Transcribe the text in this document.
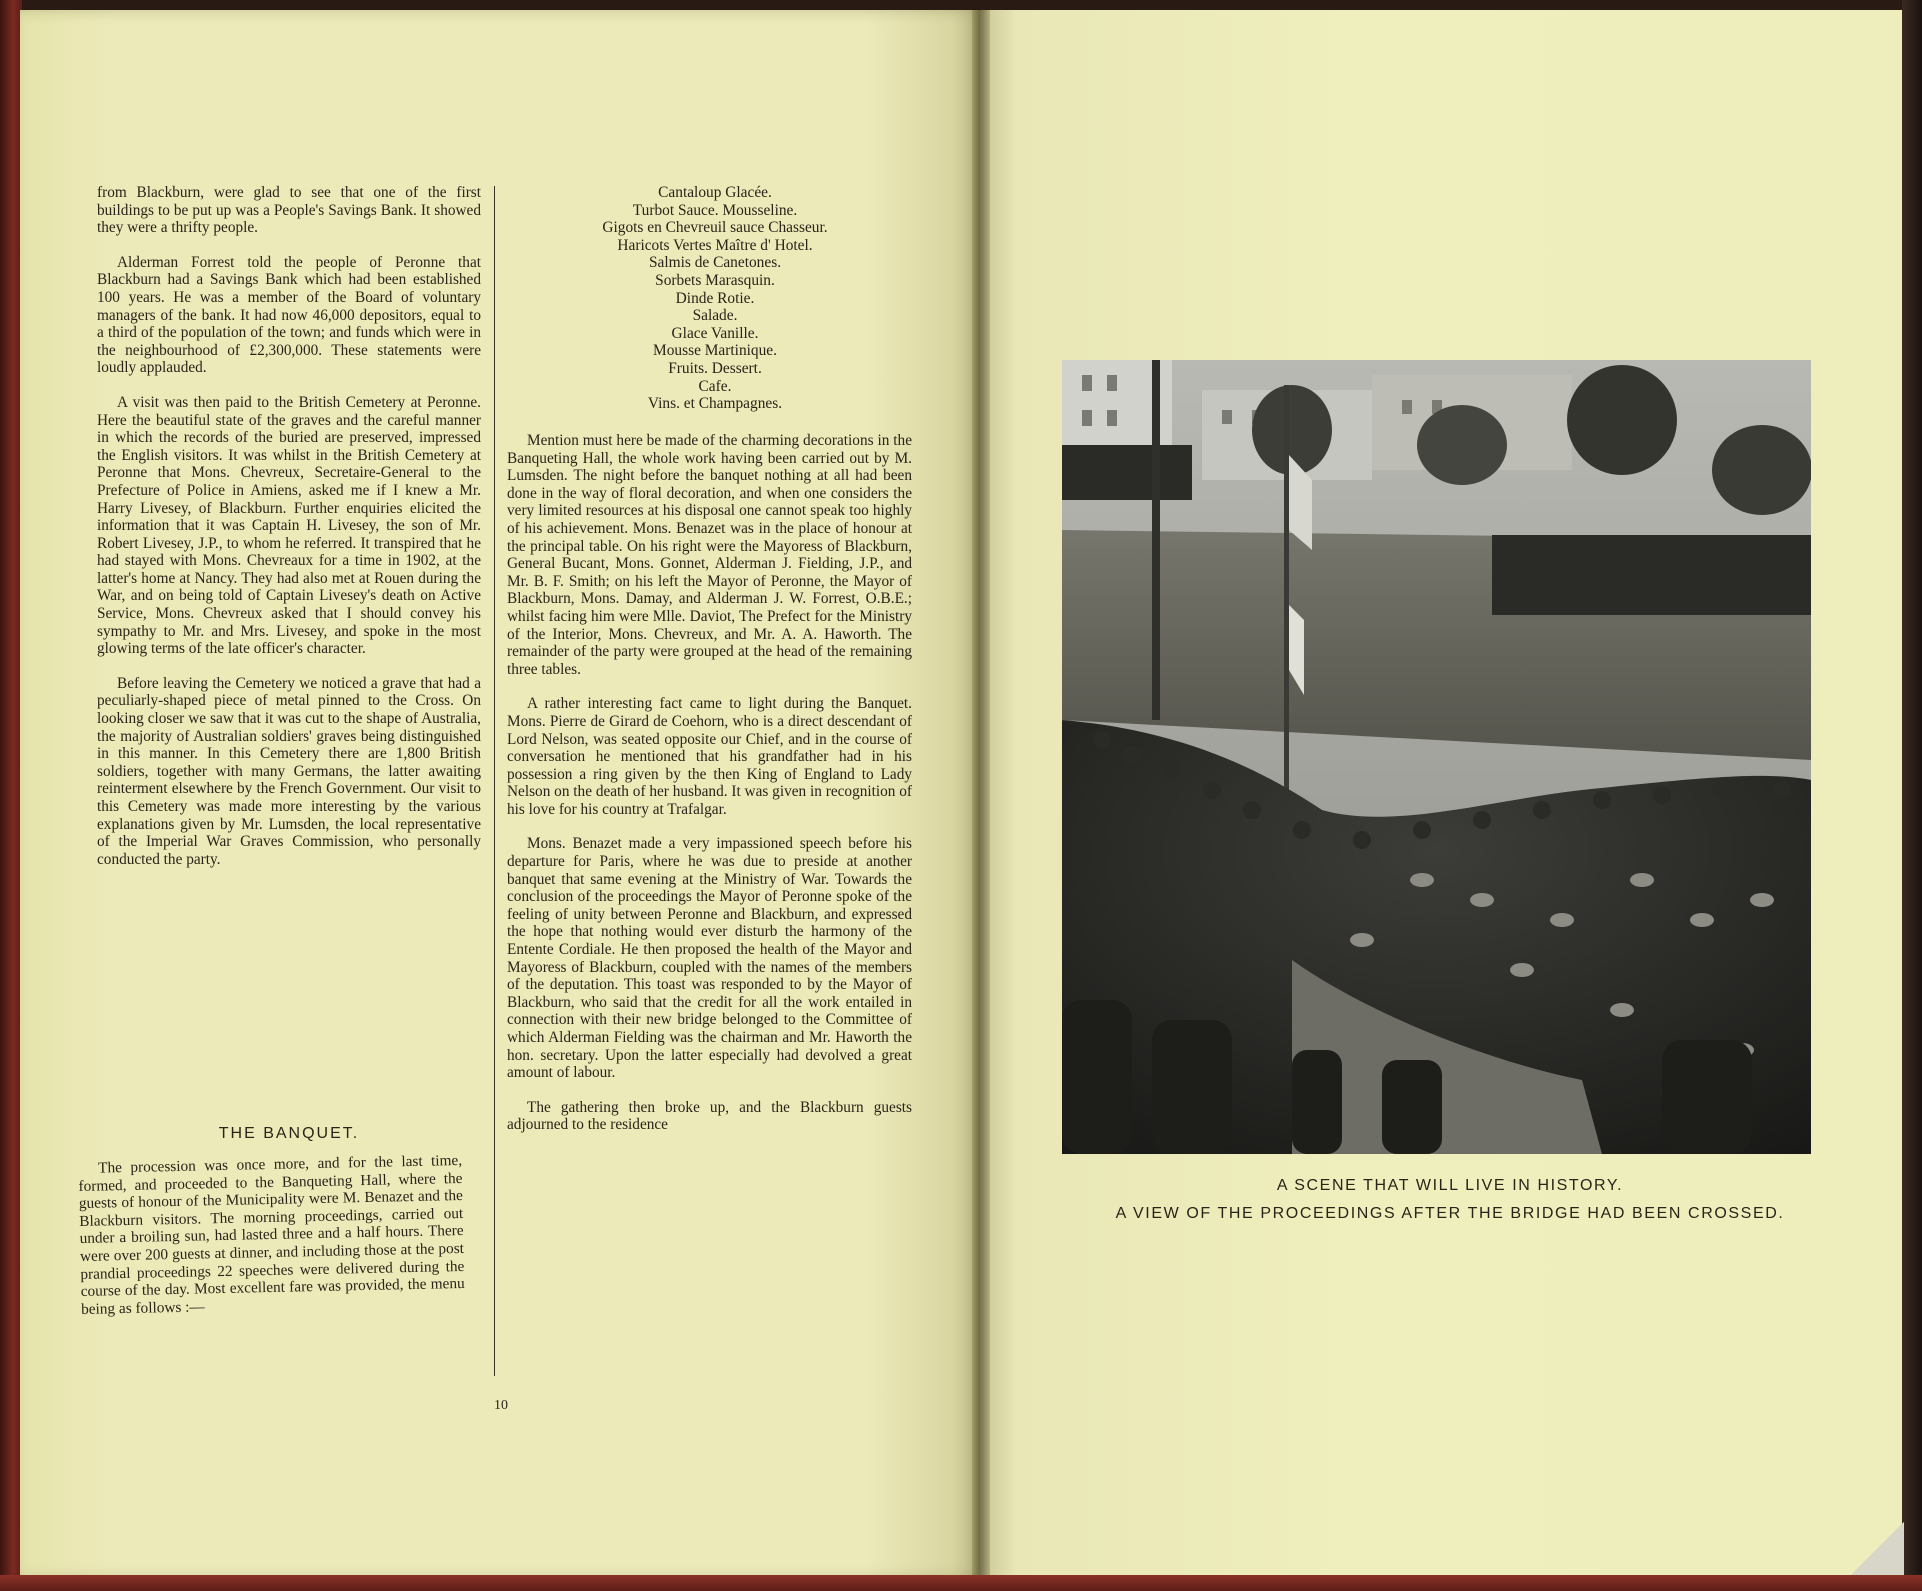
from Blackburn, were glad to see that one of the first buildings to be put up was a People's Savings Bank. It showed they were a thrifty people.

Alderman Forrest told the people of Peronne that Blackburn had a Savings Bank which had been established 100 years. He was a member of the Board of voluntary managers of the bank. It had now 46,000 depositors, equal to a third of the population of the town; and funds which were in the neighbourhood of £2,300,000. These statements were loudly applauded.

A visit was then paid to the British Cemetery at Peronne. Here the beautiful state of the graves and the careful manner in which the records of the buried are preserved, impressed the English visitors. It was whilst in the British Cemetery at Peronne that Mons. Chevreux, Secretaire-General to the Prefecture of Police in Amiens, asked me if I knew a Mr. Harry Livesey, of Blackburn. Further enquiries elicited the information that it was Captain H. Livesey, the son of Mr. Robert Livesey, J.P., to whom he referred. It transpired that he had stayed with Mons. Chevreaux for a time in 1902, at the latter's home at Nancy. They had also met at Rouen during the War, and on being told of Captain Livesey's death on Active Service, Mons. Chevreux asked that I should convey his sympathy to Mr. and Mrs. Livesey, and spoke in the most glowing terms of the late officer's character.

Before leaving the Cemetery we noticed a grave that had a peculiarly-shaped piece of metal pinned to the Cross. On looking closer we saw that it was cut to the shape of Australia, the majority of Australian soldiers' graves being distinguished in this manner. In this Cemetery there are 1,800 British soldiers, together with many Germans, the latter awaiting reinterment elsewhere by the French Government. Our visit to this Cemetery was made more interesting by the various explanations given by Mr. Lumsden, the local representative of the Imperial War Graves Commission, who personally conducted the party.

THE BANQUET.

The procession was once more, and for the last time, formed, and proceeded to the Banqueting Hall, where the guests of honour of the Municipality were M. Benazet and the Blackburn visitors. The morning proceedings, carried out under a broiling sun, had lasted three and a half hours. There were over 200 guests at dinner, and including those at the post prandial proceedings 22 speeches were delivered during the course of the day. Most excellent fare was provided, the menu being as follows :—

Cantaloup Glacée.
Turbot Sauce. Mousseline.
Gigots en Chevreuil sauce Chasseur.
Haricots Vertes Maître d' Hotel.
Salmis de Canetones.
Sorbets Marasquin.
Dinde Rotie.
Salade.
Glace Vanille.
Mousse Martinique.
Fruits. Dessert.
Cafe.
Vins. et Champagnes.

Mention must here be made of the charming decorations in the Banqueting Hall, the whole work having been carried out by M. Lumsden. The night before the banquet nothing at all had been done in the way of floral decoration, and when one considers the very limited resources at his disposal one cannot speak too highly of his achievement. Mons. Benazet was in the place of honour at the principal table. On his right were the Mayoress of Blackburn, General Bucant, Mons. Gonnet, Alderman J. Fielding, J.P., and Mr. B. F. Smith; on his left the Mayor of Peronne, the Mayor of Blackburn, Mons. Damay, and Alderman J. W. Forrest, O.B.E.; whilst facing him were Mlle. Daviot, The Prefect for the Ministry of the Interior, Mons. Chevreux, and Mr. A. A. Haworth. The remainder of the party were grouped at the head of the remaining three tables.

A rather interesting fact came to light during the Banquet. Mons. Pierre de Girard de Coehorn, who is a direct descendant of Lord Nelson, was seated opposite our Chief, and in the course of conversation he mentioned that his grandfather had in his possession a ring given by the then King of England to Lady Nelson on the death of her husband. It was given in recognition of his love for his country at Trafalgar.

Mons. Benazet made a very impassioned speech before his departure for Paris, where he was due to preside at another banquet that same evening at the Ministry of War. Towards the conclusion of the proceedings the Mayor of Peronne spoke of the feeling of unity between Peronne and Blackburn, and expressed the hope that nothing would ever disturb the harmony of the Entente Cordiale. He then proposed the health of the Mayor and Mayoress of Blackburn, coupled with the names of the members of the deputation. This toast was responded to by the Mayor of Blackburn, who said that the credit for all the work entailed in connection with their new bridge belonged to the Committee of which Alderman Fielding was the chairman and Mr. Haworth the hon. secretary. Upon the latter especially had devolved a great amount of labour.

The gathering then broke up, and the Blackburn guests adjourned to the residence

10
A SCENE THAT WILL LIVE IN HISTORY.
A VIEW OF THE PROCEEDINGS AFTER THE BRIDGE HAD BEEN CROSSED.
